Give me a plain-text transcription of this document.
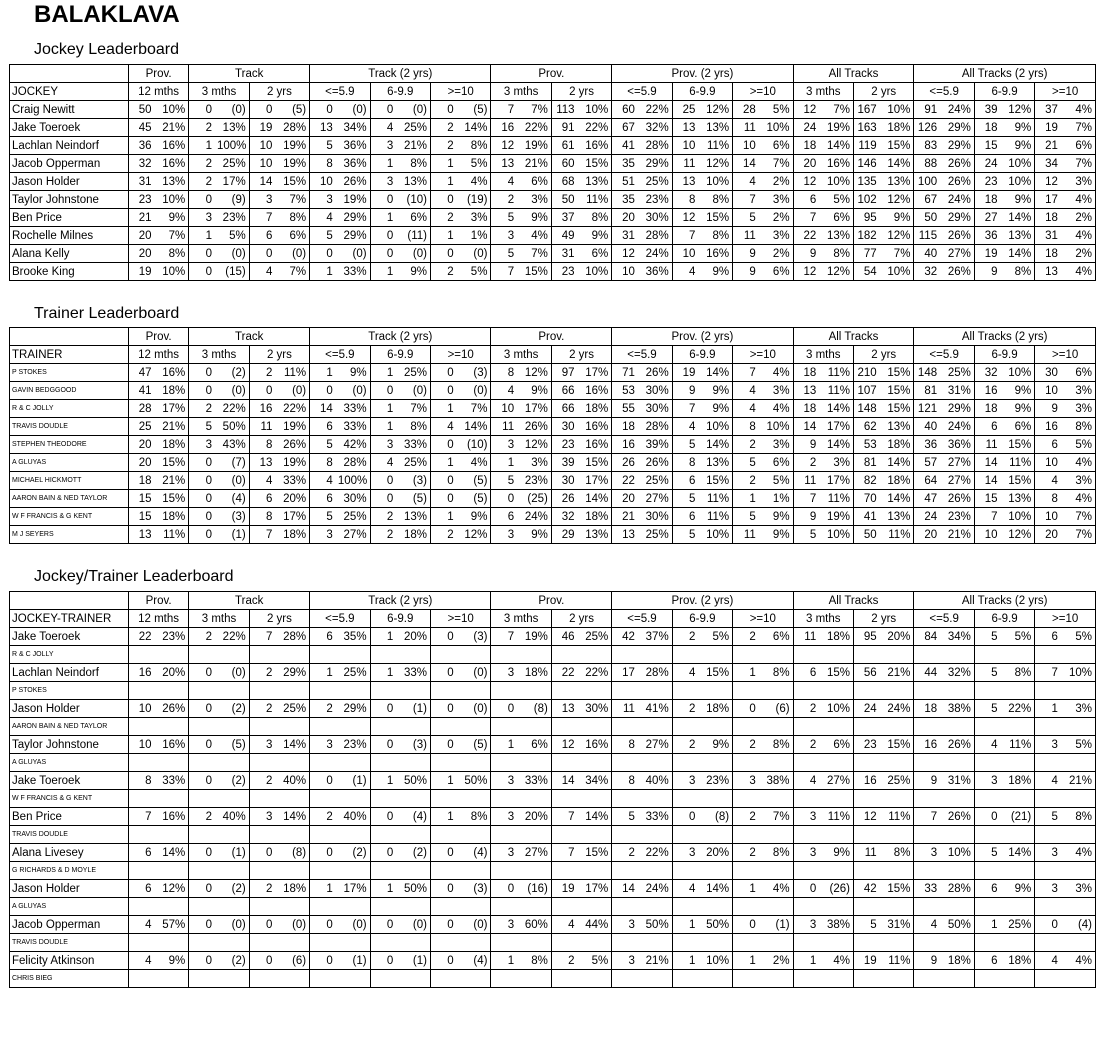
BALAKLAVA
Jockey Leaderboard
	Prov.		Track				Track (2 yrs)						Prov.				Prov. (2 yrs)						All Tracks				All Tracks (2 yrs)					
JOCKEY	12 mths		3 mths		2 yrs		<=5.9		6-9.9		>=10		3 mths		2 yrs		<=5.9		6-9.9		>=10		3 mths		2 yrs		<=5.9		6-9.9		>=10	
Craig Newitt	50	10%	0	(0)	0	(5)	0	(0)	0	(0)	0	(5)	7	7%	113	10%	60	22%	25	12%	28	5%	12	7%	167	10%	91	24%	39	12%	37	4%
Jake Toeroek	45	21%	2	13%	19	28%	13	34%	4	25%	2	14%	16	22%	91	22%	67	32%	13	13%	11	10%	24	19%	163	18%	126	29%	18	9%	19	7%
Lachlan Neindorf	36	16%	1	100%	10	19%	5	36%	3	21%	2	8%	12	19%	61	16%	41	28%	10	11%	10	6%	18	14%	119	15%	83	29%	15	9%	21	6%
Jacob Opperman	32	16%	2	25%	10	19%	8	36%	1	8%	1	5%	13	21%	60	15%	35	29%	11	12%	14	7%	20	16%	146	14%	88	26%	24	10%	34	7%
Jason Holder	31	13%	2	17%	14	15%	10	26%	3	13%	1	4%	4	6%	68	13%	51	25%	13	10%	4	2%	12	10%	135	13%	100	26%	23	10%	12	3%
Taylor Johnstone	23	10%	0	(9)	3	7%	3	19%	0	(10)	0	(19)	2	3%	50	11%	35	23%	8	8%	7	3%	6	5%	102	12%	67	24%	18	9%	17	4%
Ben Price	21	9%	3	23%	7	8%	4	29%	1	6%	2	3%	5	9%	37	8%	20	30%	12	15%	5	2%	7	6%	95	9%	50	29%	27	14%	18	2%
Rochelle Milnes	20	7%	1	5%	6	6%	5	29%	0	(11)	1	1%	3	4%	49	9%	31	28%	7	8%	11	3%	22	13%	182	12%	115	26%	36	13%	31	4%
Alana Kelly	20	8%	0	(0)	0	(0)	0	(0)	0	(0)	0	(0)	5	7%	31	6%	12	24%	10	16%	9	2%	9	8%	77	7%	40	27%	19	14%	18	2%
Brooke King	19	10%	0	(15)	4	7%	1	33%	1	9%	2	5%	7	15%	23	10%	10	36%	4	9%	9	6%	12	12%	54	10%	32	26%	9	8%	13	4%
Trainer Leaderboard
	Prov.		Track				Track (2 yrs)						Prov.				Prov. (2 yrs)						All Tracks				All Tracks (2 yrs)					
TRAINER	12 mths		3 mths		2 yrs		<=5.9		6-9.9		>=10		3 mths		2 yrs		<=5.9		6-9.9		>=10		3 mths		2 yrs		<=5.9		6-9.9		>=10	
P STOKES	47	16%	0	(2)	2	11%	1	9%	1	25%	0	(3)	8	12%	97	17%	71	26%	19	14%	7	4%	18	11%	210	15%	148	25%	32	10%	30	6%
GAVIN BEDGGOOD	41	18%	0	(0)	0	(0)	0	(0)	0	(0)	0	(0)	4	9%	66	16%	53	30%	9	9%	4	3%	13	11%	107	15%	81	31%	16	9%	10	3%
R & C JOLLY	28	17%	2	22%	16	22%	14	33%	1	7%	1	7%	10	17%	66	18%	55	30%	7	9%	4	4%	18	14%	148	15%	121	29%	18	9%	9	3%
TRAVIS DOUDLE	25	21%	5	50%	11	19%	6	33%	1	8%	4	14%	11	26%	30	16%	18	28%	4	10%	8	10%	14	17%	62	13%	40	24%	6	6%	16	8%
STEPHEN THEODORE	20	18%	3	43%	8	26%	5	42%	3	33%	0	(10)	3	12%	23	16%	16	39%	5	14%	2	3%	9	14%	53	18%	36	36%	11	15%	6	5%
A GLUYAS	20	15%	0	(7)	13	19%	8	28%	4	25%	1	4%	1	3%	39	15%	26	26%	8	13%	5	6%	2	3%	81	14%	57	27%	14	11%	10	4%
MICHAEL HICKMOTT	18	21%	0	(0)	4	33%	4	100%	0	(3)	0	(5)	5	23%	30	17%	22	25%	6	15%	2	5%	11	17%	82	18%	64	27%	14	15%	4	3%
AARON BAIN & NED TAYLOR	15	15%	0	(4)	6	20%	6	30%	0	(5)	0	(5)	0	(25)	26	14%	20	27%	5	11%	1	1%	7	11%	70	14%	47	26%	15	13%	8	4%
W F FRANCIS & G KENT	15	18%	0	(3)	8	17%	5	25%	2	13%	1	9%	6	24%	32	18%	21	30%	6	11%	5	9%	9	19%	41	13%	24	23%	7	10%	10	7%
M J SEYERS	13	11%	0	(1)	7	18%	3	27%	2	18%	2	12%	3	9%	29	13%	13	25%	5	10%	11	9%	5	10%	50	11%	20	21%	10	12%	20	7%
Jockey/Trainer Leaderboard
	Prov.		Track				Track (2 yrs)						Prov.				Prov. (2 yrs)						All Tracks				All Tracks (2 yrs)					
JOCKEY-TRAINER	12 mths		3 mths		2 yrs		<=5.9		6-9.9		>=10		3 mths		2 yrs		<=5.9		6-9.9		>=10		3 mths		2 yrs		<=5.9		6-9.9		>=10	
Jake Toeroek	22	23%	2	22%	7	28%	6	35%	1	20%	0	(3)	7	19%	46	25%	42	37%	2	5%	2	6%	11	18%	95	20%	84	34%	5	5%	6	5%
R & C JOLLY																																
Lachlan Neindorf	16	20%	0	(0)	2	29%	1	25%	1	33%	0	(0)	3	18%	22	22%	17	28%	4	15%	1	8%	6	15%	56	21%	44	32%	5	8%	7	10%
P STOKES																																
Jason Holder	10	26%	0	(2)	2	25%	2	29%	0	(1)	0	(0)	0	(8)	13	30%	11	41%	2	18%	0	(6)	2	10%	24	24%	18	38%	5	22%	1	3%
AARON BAIN & NED TAYLOR																																
Taylor Johnstone	10	16%	0	(5)	3	14%	3	23%	0	(3)	0	(5)	1	6%	12	16%	8	27%	2	9%	2	8%	2	6%	23	15%	16	26%	4	11%	3	5%
A GLUYAS																																
Jake Toeroek	8	33%	0	(2)	2	40%	0	(1)	1	50%	1	50%	3	33%	14	34%	8	40%	3	23%	3	38%	4	27%	16	25%	9	31%	3	18%	4	21%
W F FRANCIS & G KENT																																
Ben Price	7	16%	2	40%	3	14%	2	40%	0	(4)	1	8%	3	20%	7	14%	5	33%	0	(8)	2	7%	3	11%	12	11%	7	26%	0	(21)	5	8%
TRAVIS DOUDLE																																
Alana Livesey	6	14%	0	(1)	0	(8)	0	(2)	0	(2)	0	(4)	3	27%	7	15%	2	22%	3	20%	2	8%	3	9%	11	8%	3	10%	5	14%	3	4%
G RICHARDS & D MOYLE																																
Jason Holder	6	12%	0	(2)	2	18%	1	17%	1	50%	0	(3)	0	(16)	19	17%	14	24%	4	14%	1	4%	0	(26)	42	15%	33	28%	6	9%	3	3%
A GLUYAS																																
Jacob Opperman	4	57%	0	(0)	0	(0)	0	(0)	0	(0)	0	(0)	3	60%	4	44%	3	50%	1	50%	0	(1)	3	38%	5	31%	4	50%	1	25%	0	(4)
TRAVIS DOUDLE																																
Felicity Atkinson	4	9%	0	(2)	0	(6)	0	(1)	0	(1)	0	(4)	1	8%	2	5%	3	21%	1	10%	1	2%	1	4%	19	11%	9	18%	6	18%	4	4%
CHRIS BIEG																																
